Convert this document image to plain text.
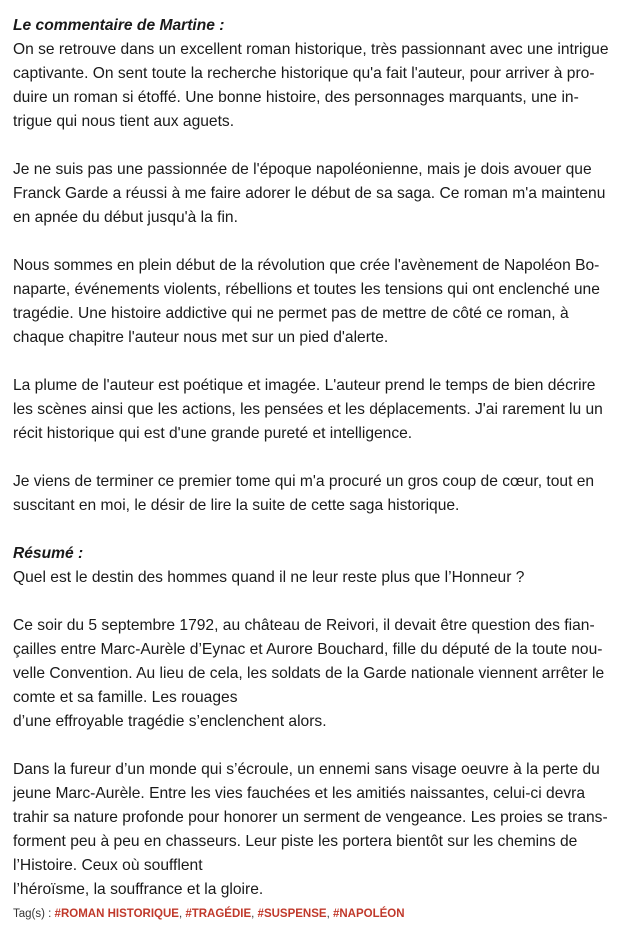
Le commentaire de Martine :

On se retrouve dans un excellent roman historique, très passionnant avec une intrigue
captivante. On sent toute la recherche historique qu'a fait l'auteur, pour arriver à pro-
duire un roman si étoffé. Une bonne histoire, des personnages marquants, une in-
trigue qui nous tient aux aguets.

Je ne suis pas une passionnée de l'époque napoléonienne, mais je dois avouer que
Franck Garde a réussi à me faire adorer le début de sa saga. Ce roman m'a maintenu
en apnée du début jusqu'à la fin.

Nous sommes en plein début de la révolution que crée l'avènement de Napoléon Bo-
naparte, événements violents, rébellions et toutes les tensions qui ont enclenché une
tragédie. Une histoire addictive qui ne permet pas de mettre de côté ce roman, à
chaque chapitre l'auteur nous met sur un pied d'alerte.

La plume de l'auteur est poétique et imagée. L'auteur prend le temps de bien décrire
les scènes ainsi que les actions, les pensées et les déplacements. J'ai rarement lu un
récit historique qui est d'une grande pureté et intelligence.

Je viens de terminer ce premier tome qui m'a procuré un gros coup de cœur, tout en
suscitant en moi, le désir de lire la suite de cette saga historique.

Résumé :

Quel est le destin des hommes quand il ne leur reste plus que l’Honneur ?

Ce soir du 5 septembre 1792, au château de Reivori, il devait être question des fian-
çailles entre Marc-Aurèle d’Eynac et Aurore Bouchard, fille du député de la toute nou-
velle Convention. Au lieu de cela, les soldats de la Garde nationale viennent arrêter le
comte et sa famille. Les rouages
d’une effroyable tragédie s’enclenchent alors.

Dans la fureur d’un monde qui s’écroule, un ennemi sans visage oeuvre à la perte du
jeune Marc-Aurèle. Entre les vies fauchées et les amitiés naissantes, celui-ci devra
trahir sa nature profonde pour honorer un serment de vengeance. Les proies se trans-
forment peu à peu en chasseurs. Leur piste les portera bientôt sur les chemins de
l’Histoire. Ceux où soufflent
l’héroïsme, la souffrance et la gloire.

Tag(s) : #ROMAN HISTORIQUE, #TRAGÉDIE, #SUSPENSE, #NAPOLÉON
